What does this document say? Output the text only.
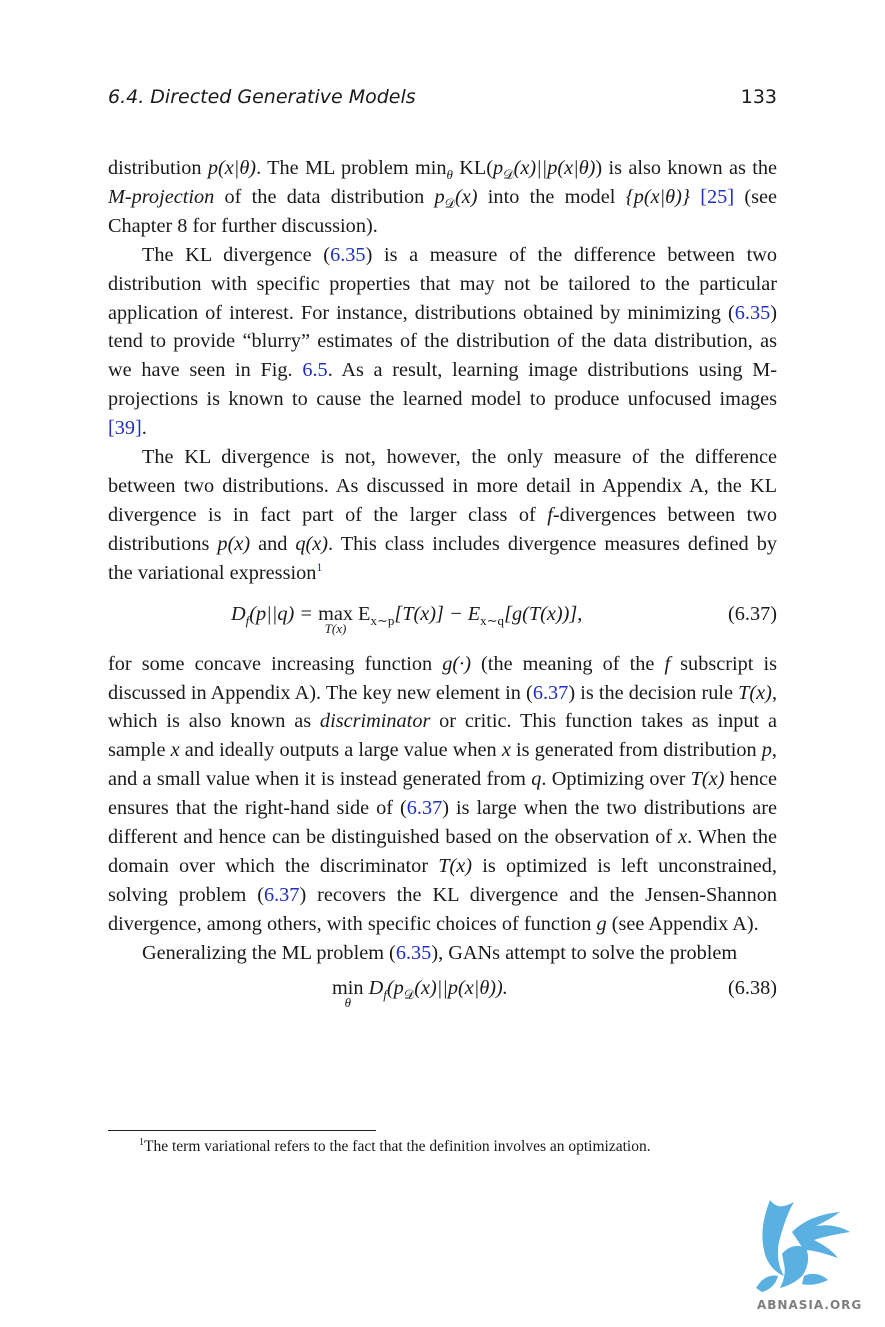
6.4. Directed Generative Models	133

distribution p(x|θ). The ML problem $\min_\theta KL(p_𝒟(x)||p(x|\theta))$ is also known as the M-projection of the data distribution $p_𝒟(x)$ into the model {p(x|θ)} [25] (see Chapter 8 for further discussion).

The KL divergence (6.35) is a measure of the difference between two distribution with specific properties that may not be tailored to the particular application of interest. For instance, distributions obtained by minimizing (6.35) tend to provide “blurry” estimates of the distribution of the data distribution, as we have seen in Fig. 6.5. As a result, learning image distributions using M-projections is known to cause the learned model to produce unfocused images [39].

The KL divergence is not, however, the only measure of the difference between two distributions. As discussed in more detail in Appendix A, the KL divergence is in fact part of the larger class of f-divergences between two distributions p(x) and q(x). This class includes divergence measures defined by the variational expression$^1$

$D_f(p||q) = \max$
T(x)
$E_{x\sim p}[T(x)] - E_{x\sim q}[g(T(x))]$,	(6.37)

for some concave increasing function g(·) (the meaning of the f subscript is discussed in Appendix A). The key new element in (6.37) is the decision rule T(x), which is also known as discriminator or critic. This function takes as input a sample x and ideally outputs a large value when x is generated from distribution p, and a small value when it is instead generated from q. Optimizing over T(x) hence ensures that the right-hand side of (6.37) is large when the two distributions are different and hence can be distinguished based on the observation of x. When the domain over which the discriminator T(x) is optimized is left unconstrained, solving problem (6.37) recovers the KL divergence and the Jensen-Shannon divergence, among others, with specific choices of function g (see Appendix A).

Generalizing the ML problem (6.35), GANs attempt to solve the problem

min
θ
$D_f(p_𝒟(x)||p(x|\theta))$.	(6.38)
$^1$The term variational refers to the fact that the definition involves an optimization.
ABNASIA.ORG
